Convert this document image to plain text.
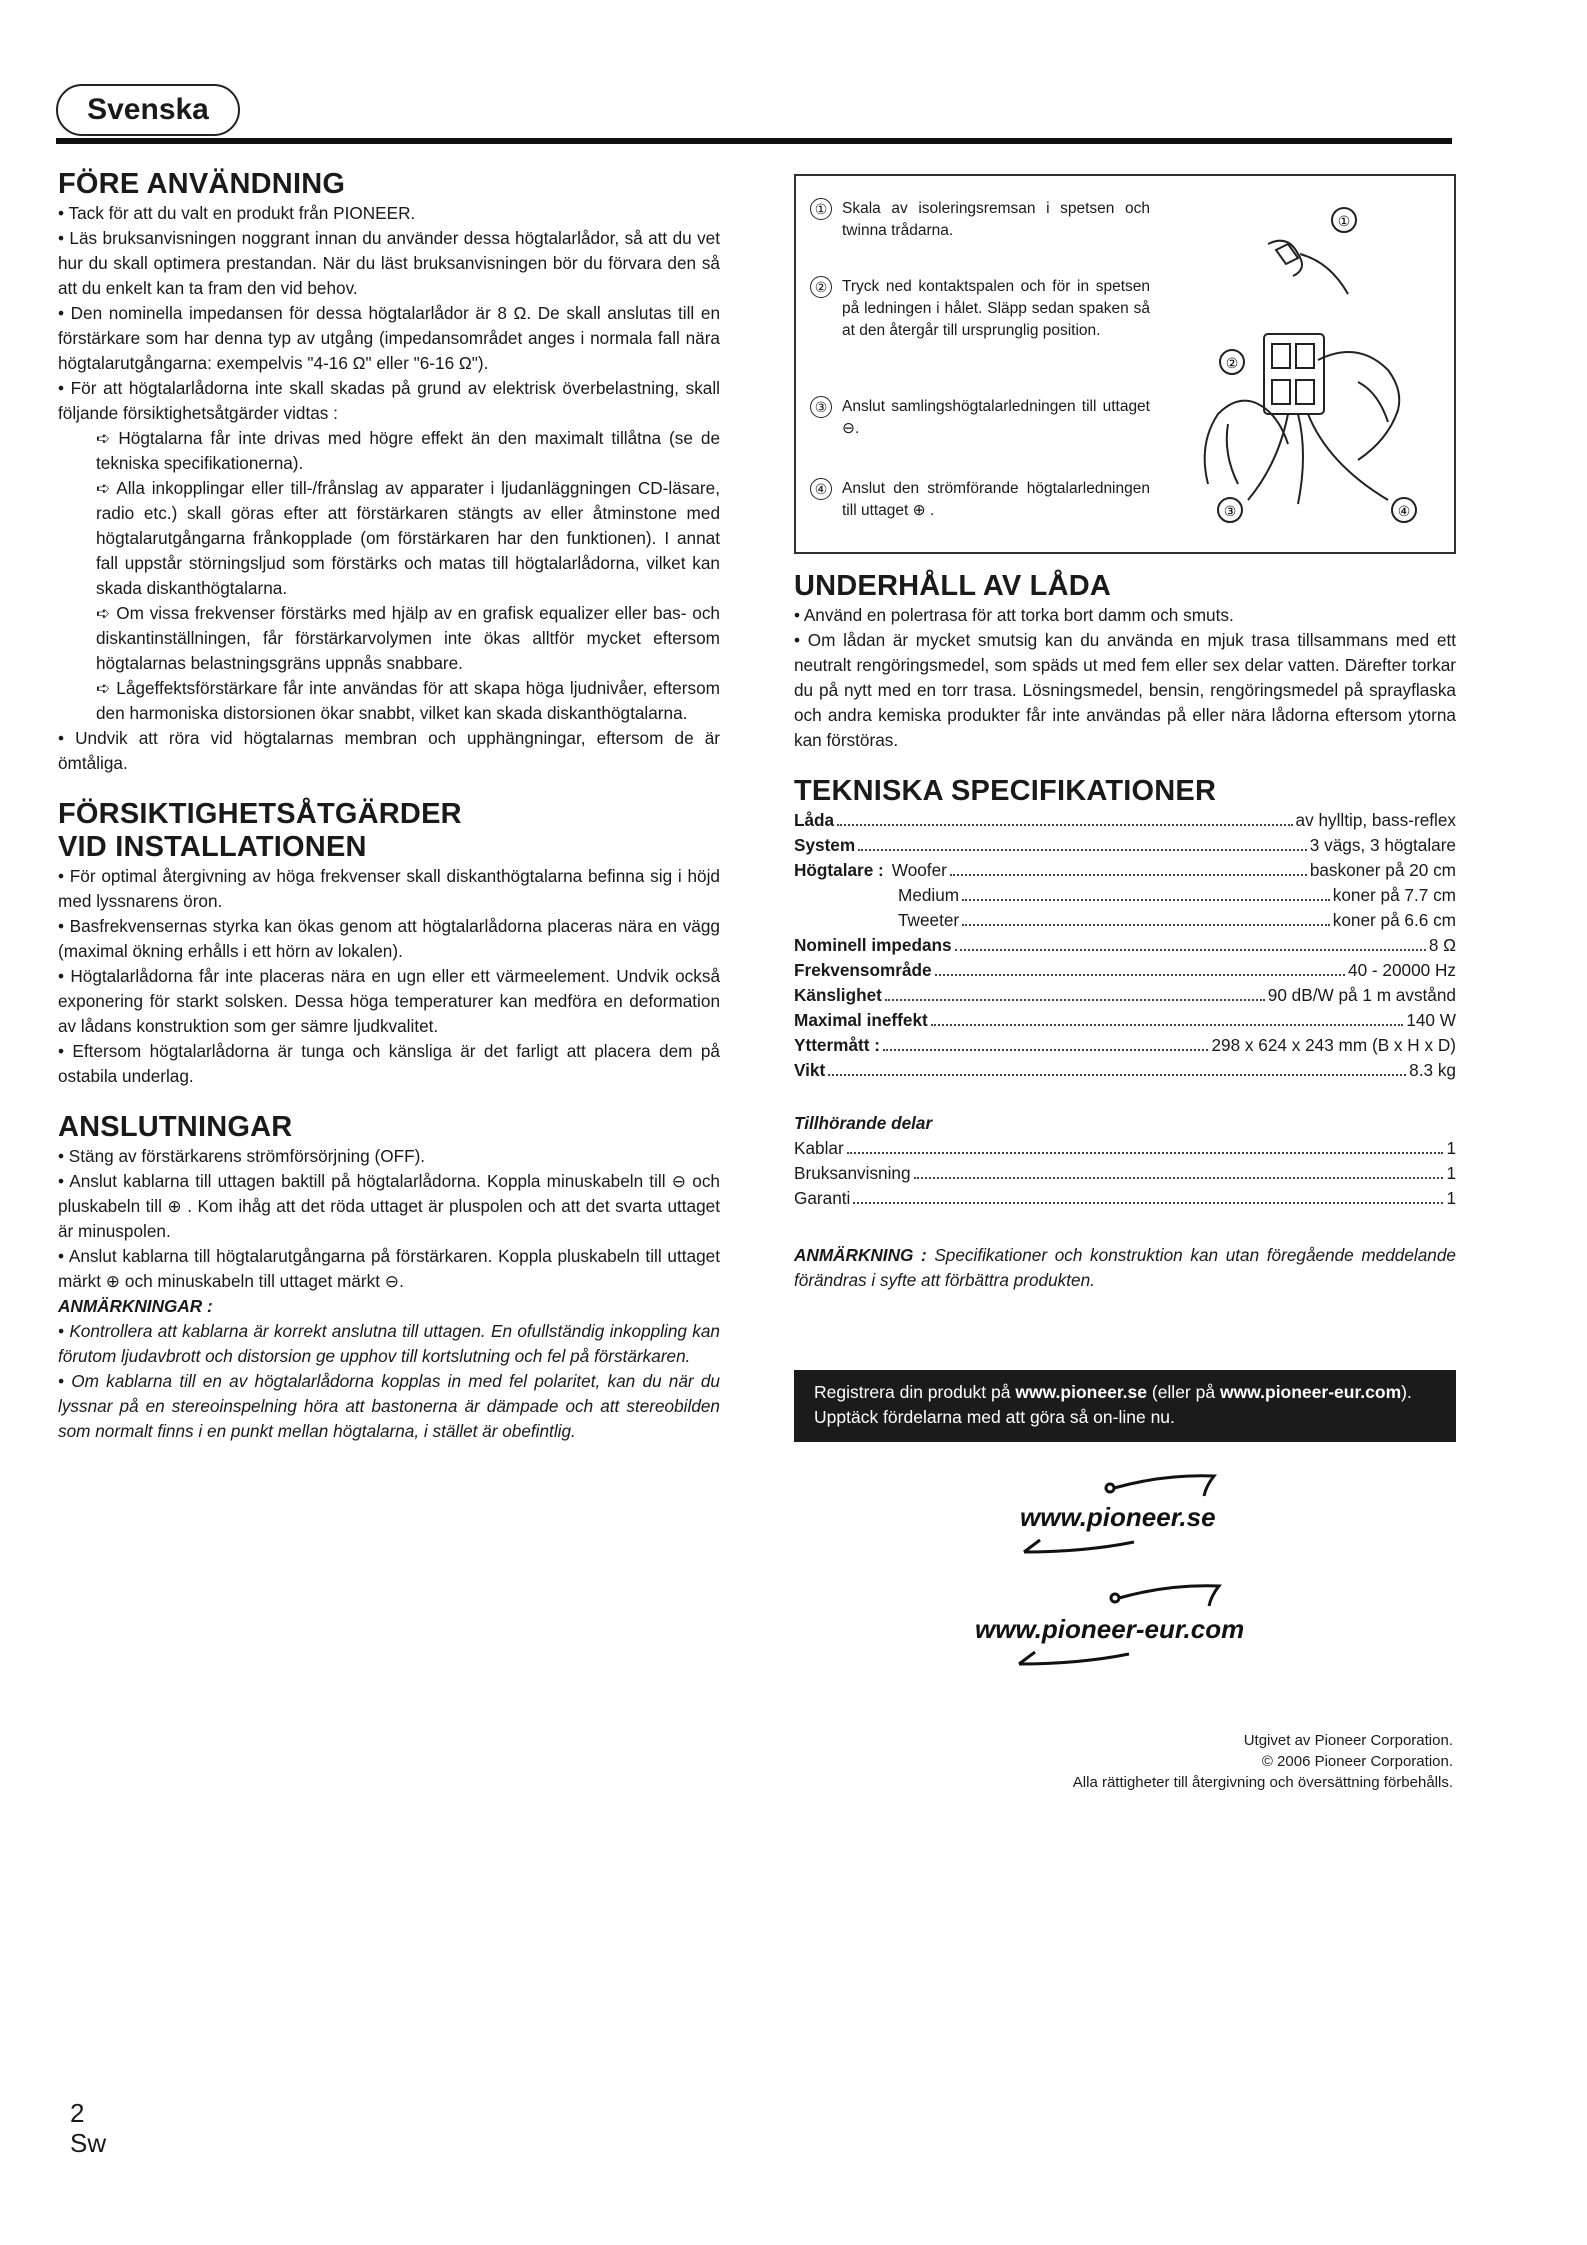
Svenska
FÖRE ANVÄNDNING

• Tack för att du valt en produkt från PIONEER.

• Läs bruksanvisningen noggrant innan du använder dessa högtalarlådor, så att du vet hur du skall optimera prestandan. När du läst bruksanvisningen bör du förvara den så att du enkelt kan ta fram den vid behov.

• Den nominella impedansen för dessa högtalarlådor är 8 Ω. De skall anslutas till en förstärkare som har denna typ av utgång (impedansområdet anges i normala fall nära högtalarutgångarna: exempelvis "4-16 Ω" eller "6-16 Ω").

• För att högtalarlådorna inte skall skadas på grund av elektrisk överbelastning, skall följande försiktighetsåtgärder vidtas :

➪ Högtalarna får inte drivas med högre effekt än den maximalt tillåtna (se de tekniska specifikationerna).

➪ Alla inkopplingar eller till-/frånslag av apparater i ljudanläggningen CD-läsare, radio etc.) skall göras efter att förstärkaren stängts av eller åtminstone med högtalarutgångarna frånkopplade (om förstärkaren har den funktionen). I annat fall uppstår störningsljud som förstärks och matas till högtalarlådorna, vilket kan skada diskanthögtalarna.

➪ Om vissa frekvenser förstärks med hjälp av en grafisk equalizer eller bas- och diskantinställningen, får förstärkarvolymen inte ökas alltför mycket eftersom högtalarnas belastningsgräns uppnås snabbare.

➪ Lågeffektsförstärkare får inte användas för att skapa höga ljudnivåer, eftersom den harmoniska distorsionen ökar snabbt, vilket kan skada diskanthögtalarna.

• Undvik att röra vid högtalarnas membran och upphängningar, eftersom de är ömtåliga.

FÖRSIKTIGHETSÅTGÄRDER
VID INSTALLATIONEN

• För optimal återgivning av höga frekvenser skall diskanthögtalarna befinna sig i höjd med lyssnarens öron.

• Basfrekvensernas styrka kan ökas genom att högtalarlådorna placeras nära en vägg (maximal ökning erhålls i ett hörn av lokalen).

• Högtalarlådorna får inte placeras nära en ugn eller ett värmeelement. Undvik också exponering för starkt solsken. Dessa höga temperaturer kan medföra en deformation av lådans konstruktion som ger sämre ljudkvalitet.

• Eftersom högtalarlådorna är tunga och känsliga är det farligt att placera dem på ostabila underlag.

ANSLUTNINGAR

• Stäng av förstärkarens strömförsörjning (OFF).

• Anslut kablarna till uttagen baktill på högtalarlådorna. Koppla minuskabeln till ⊖ och pluskabeln till ⊕ . Kom ihåg att det röda uttaget är pluspolen och att det svarta uttaget är minuspolen.

• Anslut kablarna till högtalarutgångarna på förstärkaren. Koppla pluskabeln till uttaget märkt ⊕ och minuskabeln till uttaget märkt ⊖.

ANMÄRKNINGAR :

• Kontrollera att kablarna är korrekt anslutna till uttagen. En ofullständig inkoppling kan förutom ljudavbrott och distorsion ge upphov till kortslutning och fel på förstärkaren.

• Om kablarna till en av högtalarlådorna kopplas in med fel polaritet, kan du när du lyssnar på en stereoinspelning höra att bastonerna är dämpade och att stereobilden som normalt finns i en punkt mellan högtalarna, i stället är obefintlig.

① Skala av isoleringsremsan i spetsen och twinna trådarna.
② Tryck ned kontaktspalen och för in spetsen på ledningen i hålet. Släpp sedan spaken så at den återgår till ursprunglig position.
③ Anslut samlingshögtalarledningen till uttaget ⊖.
④ Anslut den strömförande högtalarledningen till uttaget ⊕ .
①
②
③	④
UNDERHÅLL AV LÅDA

• Använd en polertrasa för att torka bort damm och smuts.

• Om lådan är mycket smutsig kan du använda en mjuk trasa tillsammans med ett neutralt rengöringsmedel, som späds ut med fem eller sex delar vatten. Därefter torkar du på nytt med en torr trasa. Lösningsmedel, bensin, rengöringsmedel på sprayflaska och andra kemiska produkter får inte användas på eller nära lådorna eftersom ytorna kan förstöras.

TEKNISKA SPECIFIKATIONER
Låda	av hylltip, bass-reflex
System	3 vägs, 3 högtalare
Högtalare : Woofer	baskoner på 20 cm
Medium	koner på 7.7 cm
Tweeter	koner på 6.6 cm
Nominell impedans	8 Ω
Frekvensområde	40 - 20000 Hz
Känslighet	90 dB/W på 1 m avstånd
Maximal ineffekt	140 W
Yttermått :	298 x 624 x 243 mm (B x H x D)
Vikt	8.3 kg

Tillhörande delar

Kablar	1
Bruksanvisning	1
Garanti	1

ANMÄRKNING : Specifikationer och konstruktion kan utan föregående meddelande förändras i syfte att förbättra produkten.

Registrera din produkt på www.pioneer.se (eller på www.pioneer-eur.com).
Upptäck fördelarna med att göra så on-line nu.
www.pioneer.se
www.pioneer-eur.com
Utgivet av Pioneer Corporation.
© 2006 Pioneer Corporation.
Alla rättigheter till återgivning och översättning förbehålls.
2
Sw
